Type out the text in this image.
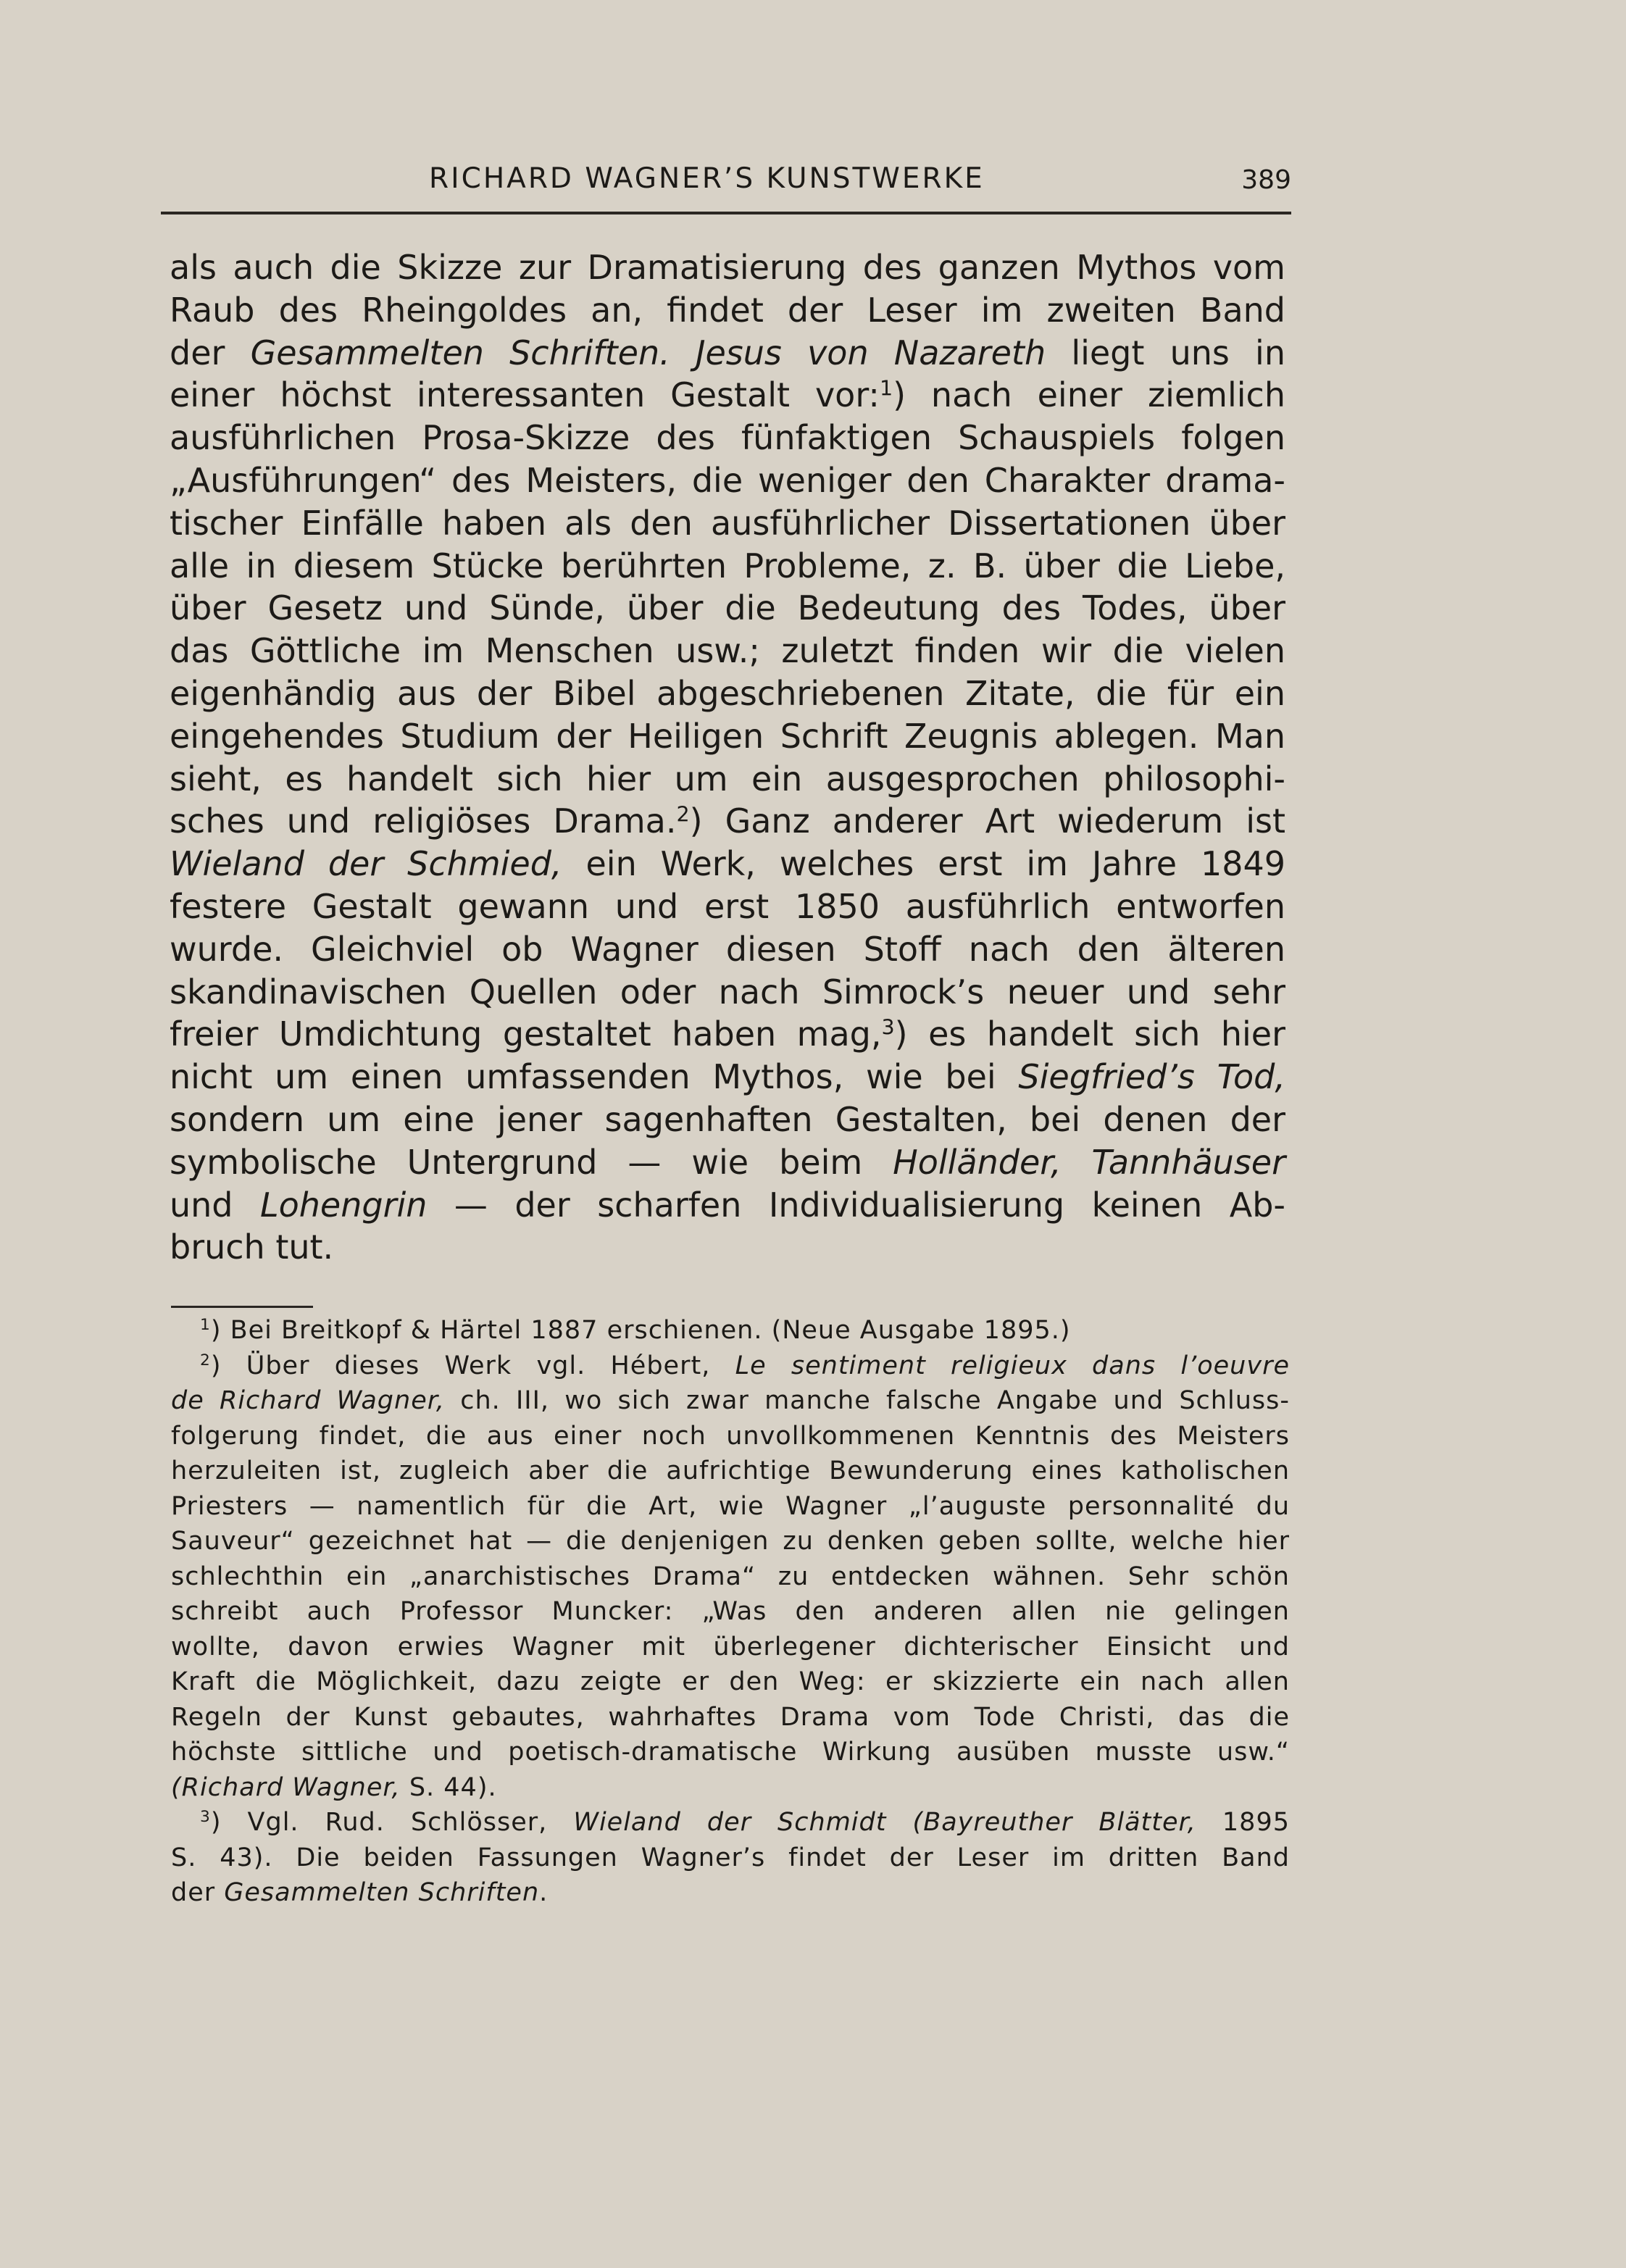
RICHARD WAGNER’S KUNSTWERKE	389
als auch die Skizze zur Dramatisierung des ganzen Mythos vom
Raub des Rheingoldes an, findet der Leser im zweiten Band
der Gesammelten Schriften. Jesus von Nazareth liegt uns in
einer höchst interessanten Gestalt vor:$^1$) nach einer ziemlich
ausführlichen Prosa-Skizze des fünfaktigen Schauspiels folgen
„Ausführungen“ des Meisters, die weniger den Charakter drama-
tischer Einfälle haben als den ausführlicher Dissertationen über
alle in diesem Stücke berührten Probleme, z. B. über die Liebe,
über Gesetz und Sünde, über die Bedeutung des Todes, über
das Göttliche im Menschen usw.; zuletzt finden wir die vielen
eigenhändig aus der Bibel abgeschriebenen Zitate, die für ein
eingehendes Studium der Heiligen Schrift Zeugnis ablegen. Man
sieht, es handelt sich hier um ein ausgesprochen philosophi-
sches und religiöses Drama.$^2$) Ganz anderer Art wiederum ist
Wieland der Schmied, ein Werk, welches erst im Jahre 1849
festere Gestalt gewann und erst 1850 ausführlich entworfen
wurde. Gleichviel ob Wagner diesen Stoff nach den älteren
skandinavischen Quellen oder nach Simrock’s neuer und sehr
freier Umdichtung gestaltet haben mag,$^3$) es handelt sich hier
nicht um einen umfassenden Mythos, wie bei Siegfried’s Tod,
sondern um eine jener sagenhaften Gestalten, bei denen der
symbolische Untergrund — wie beim Holländer, Tannhäuser
und Lohengrin — der scharfen Individualisierung keinen Ab-
bruch tut.
$^1$) Bei Breitkopf & Härtel 1887 erschienen. (Neue Ausgabe 1895.)
$^2$) Über dieses Werk vgl. Hébert, Le sentiment religieux dans l’oeuvre
de Richard Wagner, ch. III, wo sich zwar manche falsche Angabe und Schluss-
folgerung findet, die aus einer noch unvollkommenen Kenntnis des Meisters
herzuleiten ist, zugleich aber die aufrichtige Bewunderung eines katholischen
Priesters — namentlich für die Art, wie Wagner „l’auguste personnalité du
Sauveur“ gezeichnet hat — die denjenigen zu denken geben sollte, welche hier
schlechthin ein „anarchistisches Drama“ zu entdecken wähnen. Sehr schön
schreibt auch Professor Muncker: „Was den anderen allen nie gelingen
wollte, davon erwies Wagner mit überlegener dichterischer Einsicht und
Kraft die Möglichkeit, dazu zeigte er den Weg: er skizzierte ein nach allen
Regeln der Kunst gebautes, wahrhaftes Drama vom Tode Christi, das die
höchste sittliche und poetisch-dramatische Wirkung ausüben musste usw.“
(Richard Wagner, S. 44).
$^3$) Vgl. Rud. Schlösser, Wieland der Schmidt (Bayreuther Blätter, 1895
S. 43). Die beiden Fassungen Wagner’s findet der Leser im dritten Band
der Gesammelten Schriften.
